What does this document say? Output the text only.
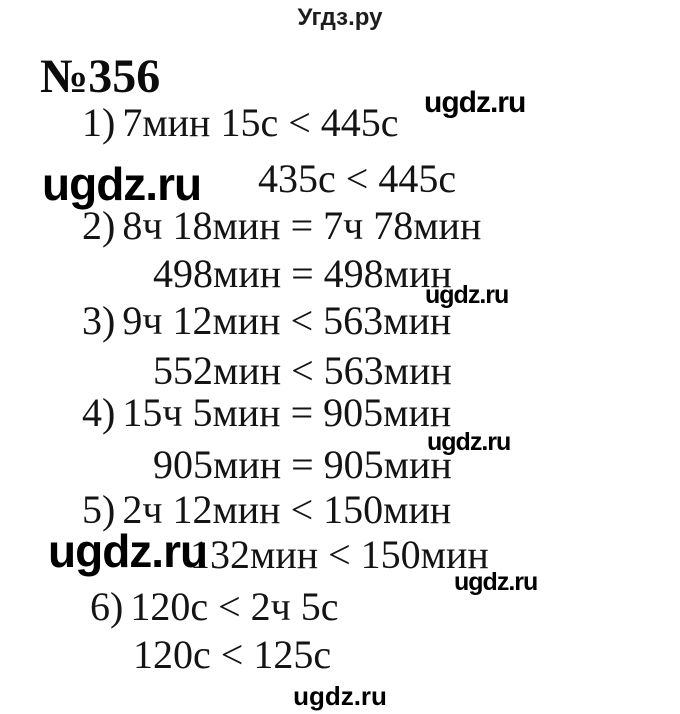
Угдз.ру
№356
1) 7мин 15с < 445с
435с < 445с
2) 8ч 18мин = 7ч 78мин
498мин = 498мин
3) 9ч 12мин < 563мин
552мин < 563мин
4) 15ч 5мин = 905мин
905мин = 905мин
5) 2ч 12мин < 150мин
132мин < 150мин
6) 120с < 2ч 5с
120с < 125с
ugdz.ru
ugdz.ru
ugdz.ru
ugdz.ru
ugdz.ru
ugdz.ru
ugdz.ru
